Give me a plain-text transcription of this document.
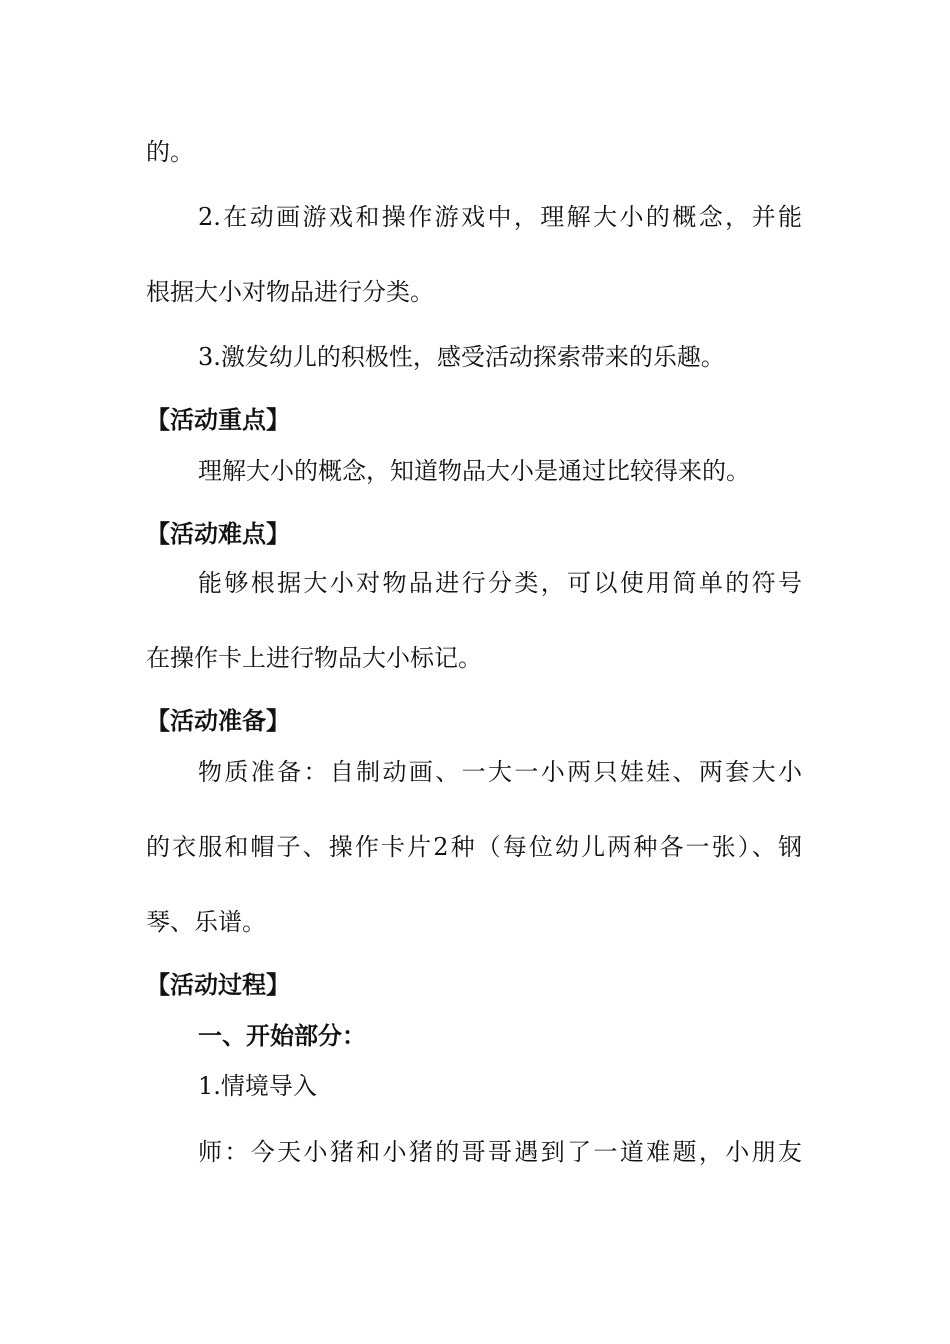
的。

2.在动画游戏和操作游戏中，理解大小的概念，并能

根据大小对物品进行分类。

3.激发幼儿的积极性，感受活动探索带来的乐趣。

【活动重点】

理解大小的概念，知道物品大小是通过比较得来的。

【活动难点】

能够根据大小对物品进行分类，可以使用简单的符号

在操作卡上进行物品大小标记。

【活动准备】

物质准备：自制动画、一大一小两只娃娃、两套大小

的衣服和帽子、操作卡片2种（每位幼儿两种各一张）、钢

琴、乐谱。

【活动过程】

一、开始部分：

1.情境导入

师：今天小猪和小猪的哥哥遇到了一道难题，小朋友
